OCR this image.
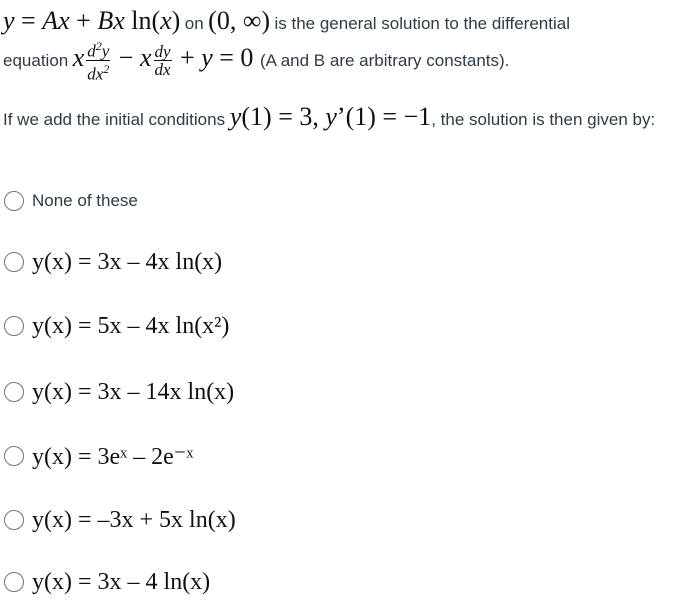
y = Ax + Bx ln(x) on (0, ∞) is the general solution to the differential
equation x $\frac{d^2y}{dx^2} - x \frac{dy}{dx} + y = 0$ (A and B are arbitrary constants).
If we add the initial conditions y(1) = 3, y’(1) = −1, the solution is then given by:
None of these
y(x) = 3x – 4x ln(x)
y(x) = 5x – 4x ln(x²)
y(x) = 3x – 14x ln(x)
y(x) = 3eˣ – 2e⁻ˣ
y(x) = –3x + 5x ln(x)
y(x) = 3x – 4 ln(x)
